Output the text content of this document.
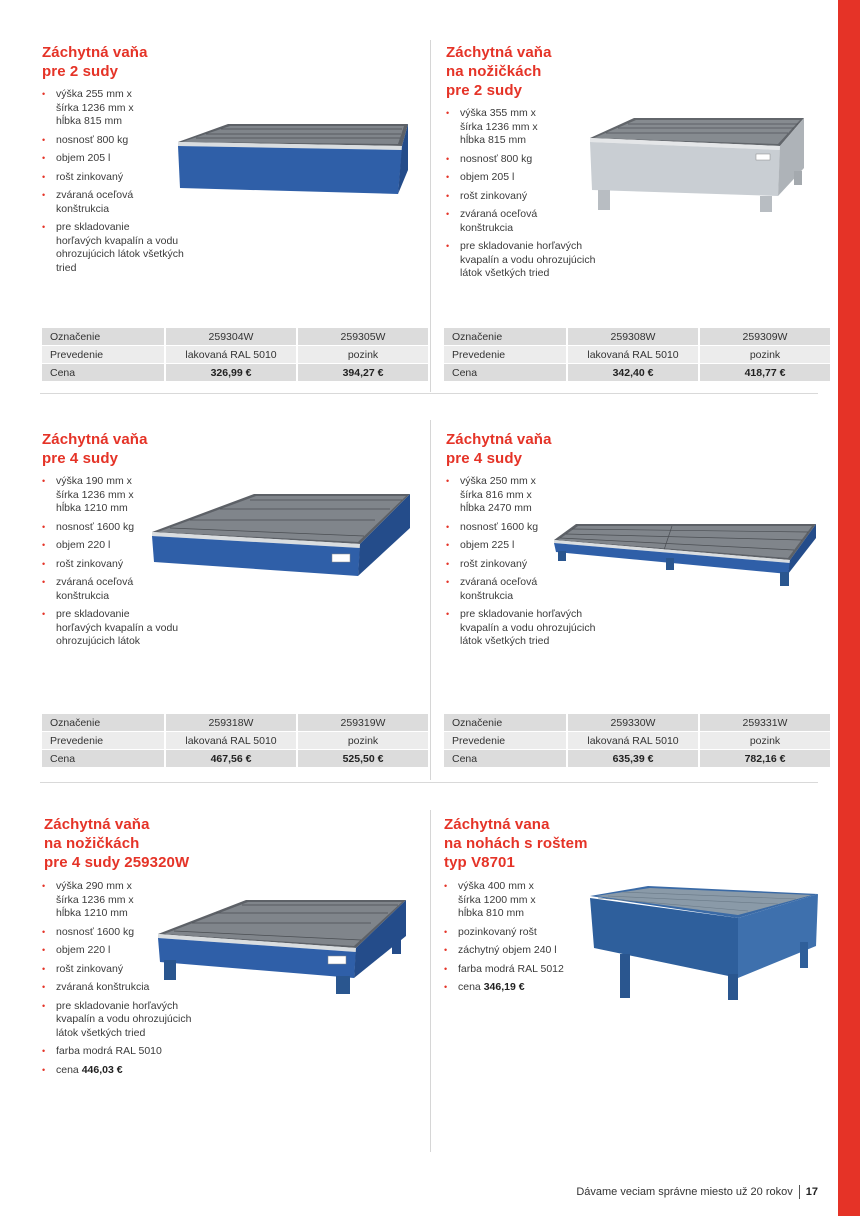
Záchytná vaňa
pre 2 sudy
• výška 255 mm x
šírka 1236 mm x
hĺbka 815 mm
• nosnosť 800 kg
• objem 205 l
• rošt zinkovaný
• zváraná oceľová
konštrukcia
• pre skladovanie
horľavých kvapalín a vodu
ohrozujúcich látok všetkých
tried
Označenie	259304W	259305W
Prevedenie	lakovaná RAL 5010	pozink
Cena	326,99 €	394,27 €
Záchytná vaňa
na nožičkách
pre 2 sudy
• výška 355 mm x
šírka 1236 mm x
hĺbka 815 mm
• nosnosť 800 kg
• objem 205 l
• rošt zinkovaný
• zváraná oceľová
konštrukcia
• pre skladovanie horľavých
kvapalín a vodu ohrozujúcich
látok všetkých tried
Označenie	259308W	259309W
Prevedenie	lakovaná RAL 5010	pozink
Cena	342,40 €	418,77 €
Záchytná vaňa
pre 4 sudy
• výška 190 mm x
šírka 1236 mm x
hĺbka 1210 mm
• nosnosť 1600 kg
• objem 220 l
• rošt zinkovaný
• zváraná oceľová
konštrukcia
• pre skladovanie
horľavých kvapalín a vodu
ohrozujúcich látok
Označenie	259318W	259319W
Prevedenie	lakovaná RAL 5010	pozink
Cena	467,56 €	525,50 €
Záchytná vaňa
pre 4 sudy
• výška 250 mm x
šírka 816 mm x
hĺbka 2470 mm
• nosnosť 1600 kg
• objem 225 l
• rošt zinkovaný
• zváraná oceľová
konštrukcia
• pre skladovanie horľavých
kvapalín a vodu ohrozujúcich
látok všetkých tried
Označenie	259330W	259331W
Prevedenie	lakovaná RAL 5010	pozink
Cena	635,39 €	782,16 €
Záchytná vaňa
na nožičkách
pre 4 sudy 259320W
• výška 290 mm x
šírka 1236 mm x
hĺbka 1210 mm
• nosnosť 1600 kg
• objem 220 l
• rošt zinkovaný
• zváraná konštrukcia
• pre skladovanie horľavých
kvapalín a vodu ohrozujúcich
látok všetkých tried
• farba modrá RAL 5010
• cena 446,03 €
Záchytná vana
na nohách s roštem
typ V8701
• výška 400 mm x
šírka 1200 mm x
hĺbka 810 mm
• pozinkovaný rošt
• záchytný objem 240 l
• farba modrá RAL 5012
• cena 346,19 €
Dávame veciam správne miesto už 20 rokov 17
